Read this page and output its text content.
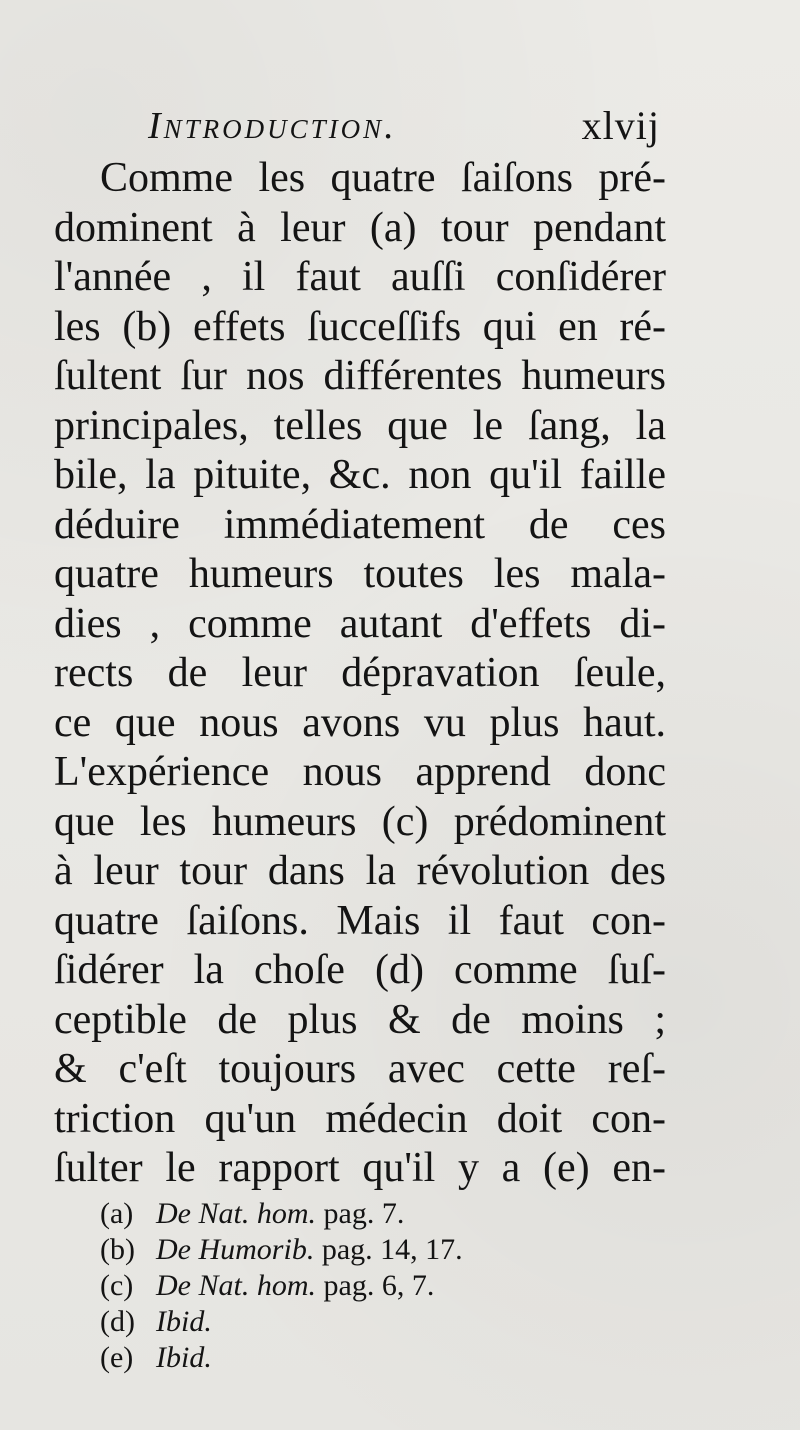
Introduction.	xlvij
Comme les quatre ſaiſons pré-
dominent à leur (a) tour pendant
l'année , il faut auſſi conſidérer
les (b) effets ſucceſſifs qui en ré-
ſultent ſur nos différentes humeurs
principales, telles que le ſang, la
bile, la pituite, &c. non qu'il faille
déduire immédiatement de ces
quatre humeurs toutes les mala-
dies , comme autant d'effets di-
rects de leur dépravation ſeule,
ce que nous avons vu plus haut.
L'expérience nous apprend donc
que les humeurs (c) prédominent
à leur tour dans la révolution des
quatre ſaiſons. Mais il faut con-
ſidérer la choſe (d) comme ſuſ-
ceptible de plus & de moins ;
& c'eſt toujours avec cette reſ-
triction qu'un médecin doit con-
ſulter le rapport qu'il y a (e) en-
(a) De Nat. hom. pag. 7.
(b) De Humorib. pag. 14, 17.
(c) De Nat. hom. pag. 6, 7.
(d) Ibid.
(e) Ibid.
